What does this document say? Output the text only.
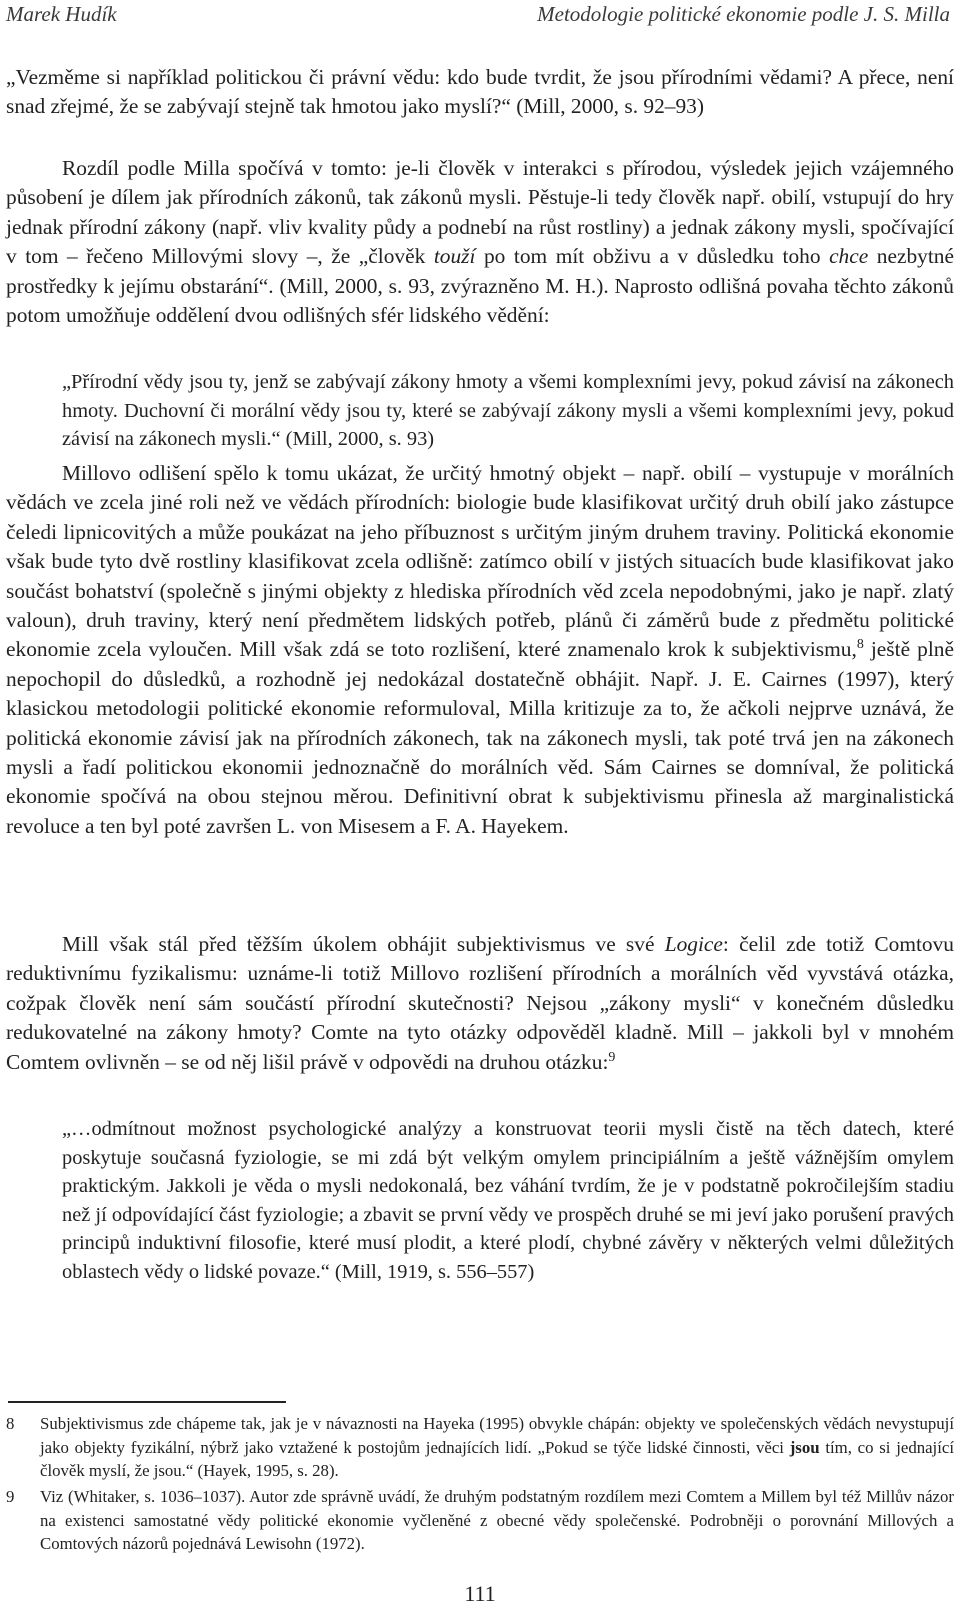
Marek Hudík	Metodologie politické ekonomie podle J. S. Milla

„Vezměme si například politickou či právní vědu: kdo bude tvrdit, že jsou přírodními vědami? A přece, není snad zřejmé, že se zabývají stejně tak hmotou jako myslí?“ (Mill, 2000, s. 92–93)

Rozdíl podle Milla spočívá v tomto: je-li člověk v interakci s přírodou, výsledek jejich vzájemného působení je dílem jak přírodních zákonů, tak zákonů mysli. Pěstuje-li tedy člověk např. obilí, vstupují do hry jednak přírodní zákony (např. vliv kvality půdy a podnebí na růst rostliny) a jednak zákony mysli, spočívající v tom – řečeno Millovými slovy –, že „člověk touží po tom mít obživu a v důsledku toho chce nezbytné prostředky k jejímu obstarání“. (Mill, 2000, s. 93, zvýrazněno M. H.). Naprosto odlišná povaha těchto zákonů potom umožňuje oddělení dvou odlišných sfér lidského vědění:

„Přírodní vědy jsou ty, jenž se zabývají zákony hmoty a všemi komplexními jevy, pokud závisí na zákonech hmoty. Duchovní či morální vědy jsou ty, které se zabývají zákony mysli a všemi komplexními jevy, pokud závisí na zákonech mysli.“ (Mill, 2000, s. 93)

Millovo odlišení spělo k tomu ukázat, že určitý hmotný objekt – např. obilí – vystupuje v morálních vědách ve zcela jiné roli než ve vědách přírodních: biologie bude klasifikovat určitý druh obilí jako zástupce čeledi lipnicovitých a může poukázat na jeho příbuznost s určitým jiným druhem traviny. Politická ekonomie však bude tyto dvě rostliny klasifikovat zcela odlišně: zatímco obilí v jistých situacích bude klasifikovat jako součást bohatství (společně s jinými objekty z hlediska přírodních věd zcela nepodobnými, jako je např. zlatý valoun), druh traviny, který není předmětem lidských potřeb, plánů či záměrů bude z předmětu politické ekonomie zcela vyloučen. Mill však zdá se toto rozlišení, které znamenalo krok k subjektivismu,$^8$ ještě plně nepochopil do důsledků, a rozhodně jej nedokázal dostatečně obhájit. Např. J. E. Cairnes (1997), který klasickou metodologii politické ekonomie reformuloval, Milla kritizuje za to, že ačkoli nejprve uznává, že politická ekonomie závisí jak na přírodních zákonech, tak na zákonech mysli, tak poté trvá jen na zákonech mysli a řadí politickou ekonomii jednoznačně do morálních věd. Sám Cairnes se domníval, že politická ekonomie spočívá na obou stejnou měrou. Definitivní obrat k subjektivismu přinesla až marginalistická revoluce a ten byl poté završen L. von Misesem a F. A. Hayekem.

Mill však stál před těžším úkolem obhájit subjektivismus ve své Logice: čelil zde totiž Comtovu reduktivnímu fyzikalismu: uznáme-li totiž Millovo rozlišení přírodních a morálních věd vyvstává otázka, cožpak člověk není sám součástí přírodní skutečnosti? Nejsou „zákony mysli“ v konečném důsledku redukovatelné na zákony hmoty? Comte na tyto otázky odpověděl kladně. Mill – jakkoli byl v mnohém Comtem ovlivněn – se od něj lišil právě v odpovědi na druhou otázku:$^9$

„…odmítnout možnost psychologické analýzy a konstruovat teorii mysli čistě na těch datech, které poskytuje současná fyziologie, se mi zdá být velkým omylem principiálním a ještě vážnějším omylem praktickým. Jakkoli je věda o mysli nedokonalá, bez váhání tvrdím, že je v podstatně pokročilejším stadiu než jí odpovídající část fyziologie; a zbavit se první vědy ve prospěch druhé se mi jeví jako porušení pravých principů induktivní filosofie, které musí plodit, a které plodí, chybné závěry v některých velmi důležitých oblastech vědy o lidské povaze.“ (Mill, 1919, s. 556–557)

8	Subjektivismus zde chápeme tak, jak je v návaznosti na Hayeka (1995) obvykle chápán: objekty ve společenských vědách nevystupují jako objekty fyzikální, nýbrž jako vztažené k postojům jednajících lidí. „Pokud se týče lidské činnosti, věci jsou tím, co si jednající člověk myslí, že jsou.“ (Hayek, 1995, s. 28).
9	Viz (Whitaker, s. 1036–1037). Autor zde správně uvádí, že druhým podstatným rozdílem mezi Comtem a Millem byl též Millův názor na existenci samostatné vědy politické ekonomie vyčleněné z obecné vědy společenské. Podrobněji o porovnání Millových a Comtových názorů pojednává Lewisohn (1972).
111
